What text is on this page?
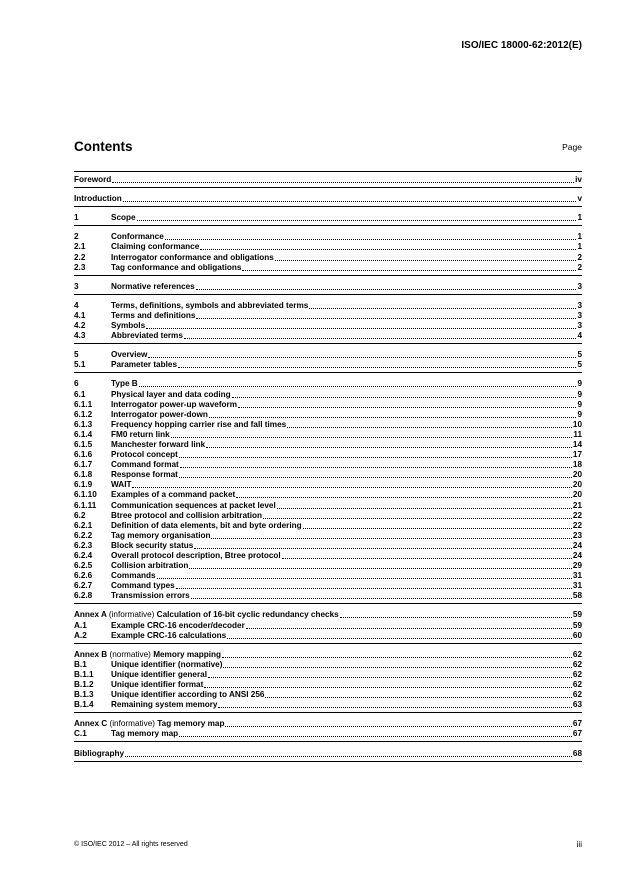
ISO/IEC 18000-62:2012(E)
Contents	Page
Foreword	iv
Introduction	v
1	Scope	1
2	Conformance	1
2.1	Claiming conformance	1
2.2	Interrogator conformance and obligations	2
2.3	Tag conformance and obligations	2
3	Normative references	3
4	Terms, definitions, symbols and abbreviated terms	3
4.1	Terms and definitions	3
4.2	Symbols	3
4.3	Abbreviated terms	4
5	Overview	5
5.1	Parameter tables	5
6	Type B	9
6.1	Physical layer and data coding	9
6.1.1	Interrogator power-up waveform	9
6.1.2	Interrogator power-down	9
6.1.3	Frequency hopping carrier rise and fall times	10
6.1.4	FM0 return link	11
6.1.5	Manchester forward link	14
6.1.6	Protocol concept	17
6.1.7	Command format	18
6.1.8	Response format	20
6.1.9	WAIT	20
6.1.10	Examples of a command packet	20
6.1.11	Communication sequences at packet level	21
6.2	Btree protocol and collision arbitration	22
6.2.1	Definition of data elements, bit and byte ordering	22
6.2.2	Tag memory organisation	23
6.2.3	Block security status	24
6.2.4	Overall protocol description, Btree protocol	24
6.2.5	Collision arbitration	29
6.2.6	Commands	31
6.2.7	Command types	31
6.2.8	Transmission errors	58
Annex A (informative) Calculation of 16-bit cyclic redundancy checks	59
A.1	Example CRC-16 encoder/decoder	59
A.2	Example CRC-16 calculations	60
Annex B (normative) Memory mapping	62
B.1	Unique identifier (normative)	62
B.1.1	Unique identifier general	62
B.1.2	Unique identifier format	62
B.1.3	Unique identifier according to ANSI 256	62
B.1.4	Remaining system memory	63
Annex C (informative) Tag memory map	67
C.1	Tag memory map	67
Bibliography	68
© ISO/IEC 2012 – All rights reserved	iii
